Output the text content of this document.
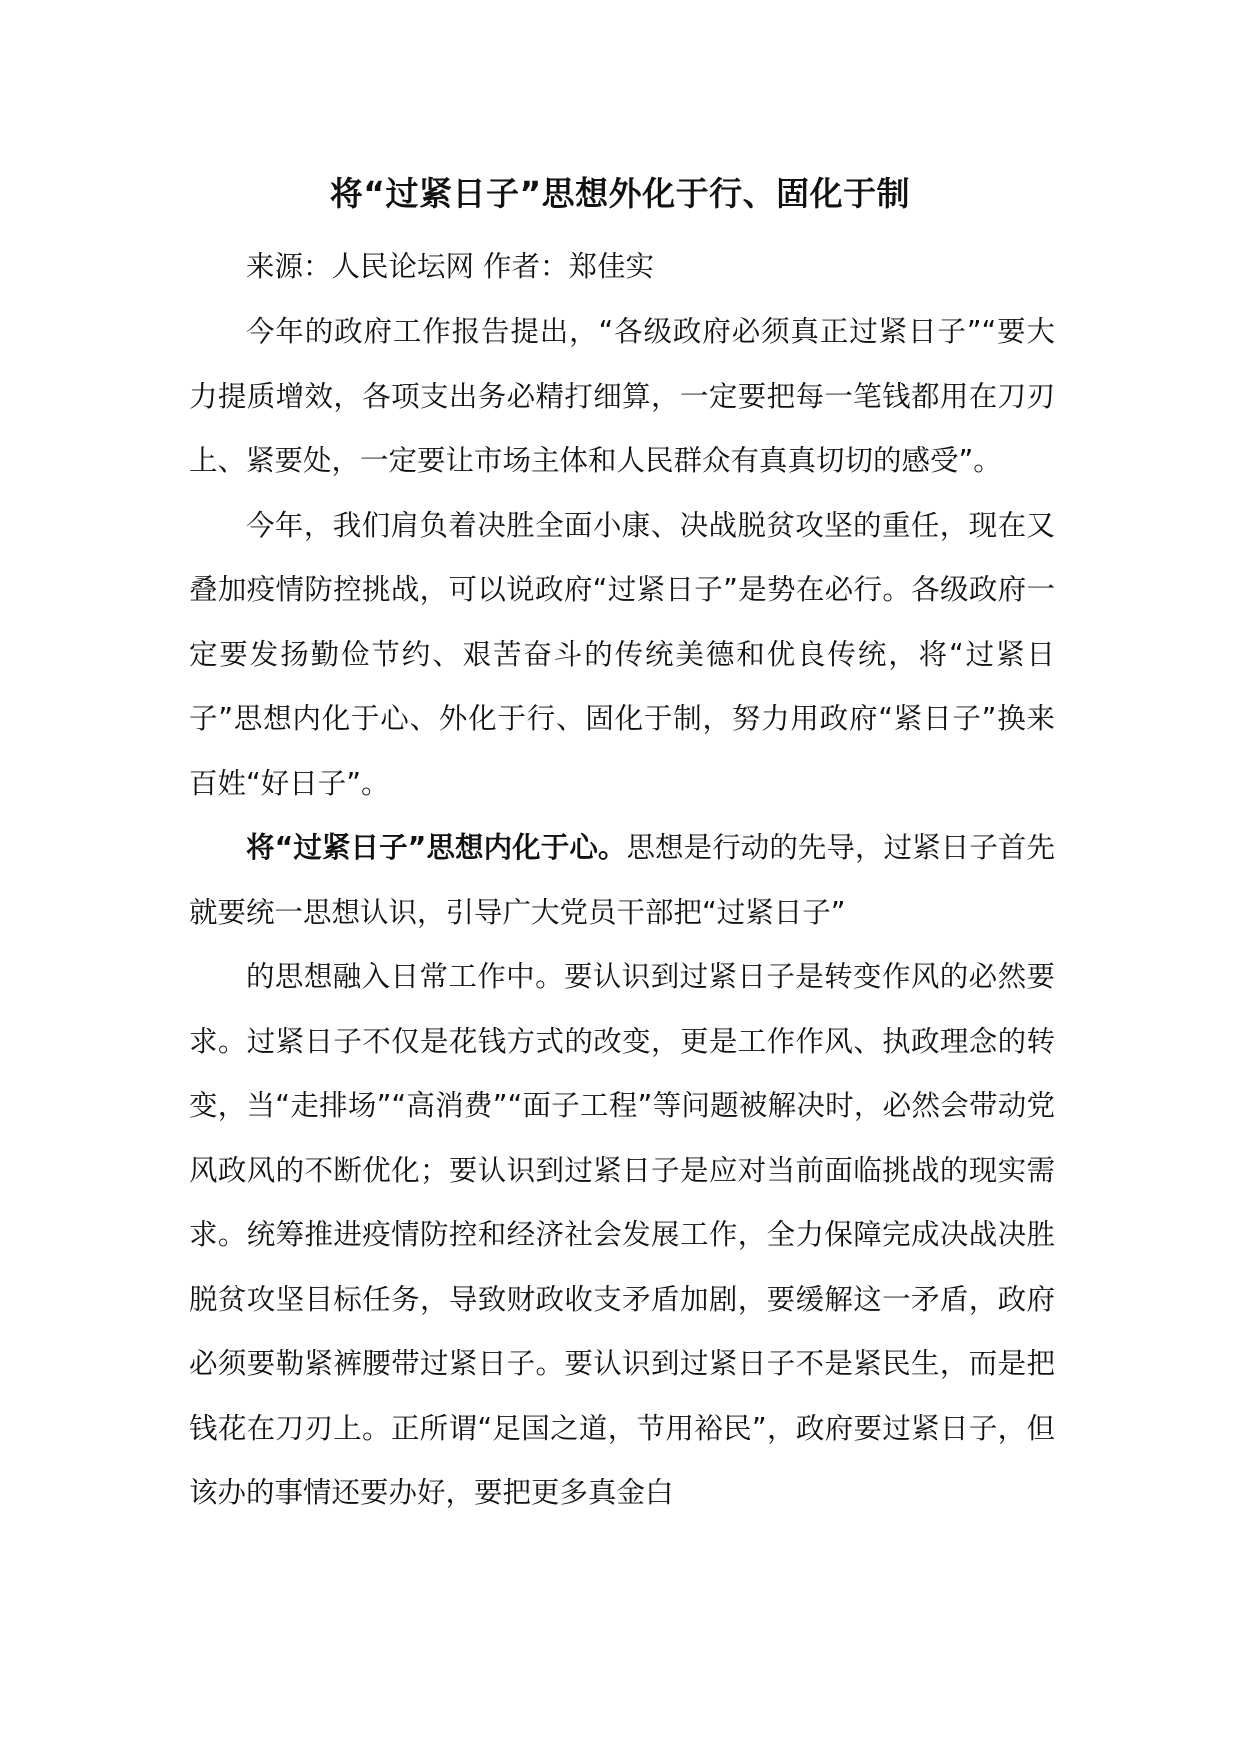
将“过紧日子”思想外化于行、固化于制

来源：人民论坛网 作者：郑佳实

今年的政府工作报告提出，“各级政府必须真正过紧日子”“要大力提质增效，各项支出务必精打细算，一定要把每一笔钱都用在刀刃上、紧要处，一定要让市场主体和人民群众有真真切切的感受”。

今年，我们肩负着决胜全面小康、决战脱贫攻坚的重任，现在又叠加疫情防控挑战，可以说政府“过紧日子”是势在必行。各级政府一定要发扬勤俭节约、艰苦奋斗的传统美德和优良传统，将“过紧日子”思想内化于心、外化于行、固化于制，努力用政府“紧日子”换来百姓“好日子”。

将“过紧日子”思想内化于心。思想是行动的先导，过紧日子首先就要统一思想认识，引导广大党员干部把“过紧日子”

的思想融入日常工作中。要认识到过紧日子是转变作风的必然要求。过紧日子不仅是花钱方式的改变，更是工作作风、执政理念的转变，当“走排场”“高消费”“面子工程”等问题被解决时，必然会带动党风政风的不断优化；要认识到过紧日子是应对当前面临挑战的现实需求。统筹推进疫情防控和经济社会发展工作，全力保障完成决战决胜脱贫攻坚目标任务，导致财政收支矛盾加剧，要缓解这一矛盾，政府必须要勒紧裤腰带过紧日子。要认识到过紧日子不是紧民生，而是把钱花在刀刃上。正所谓“足国之道，节用裕民”，政府要过紧日子，但该办的事情还要办好，要把更多真金白
